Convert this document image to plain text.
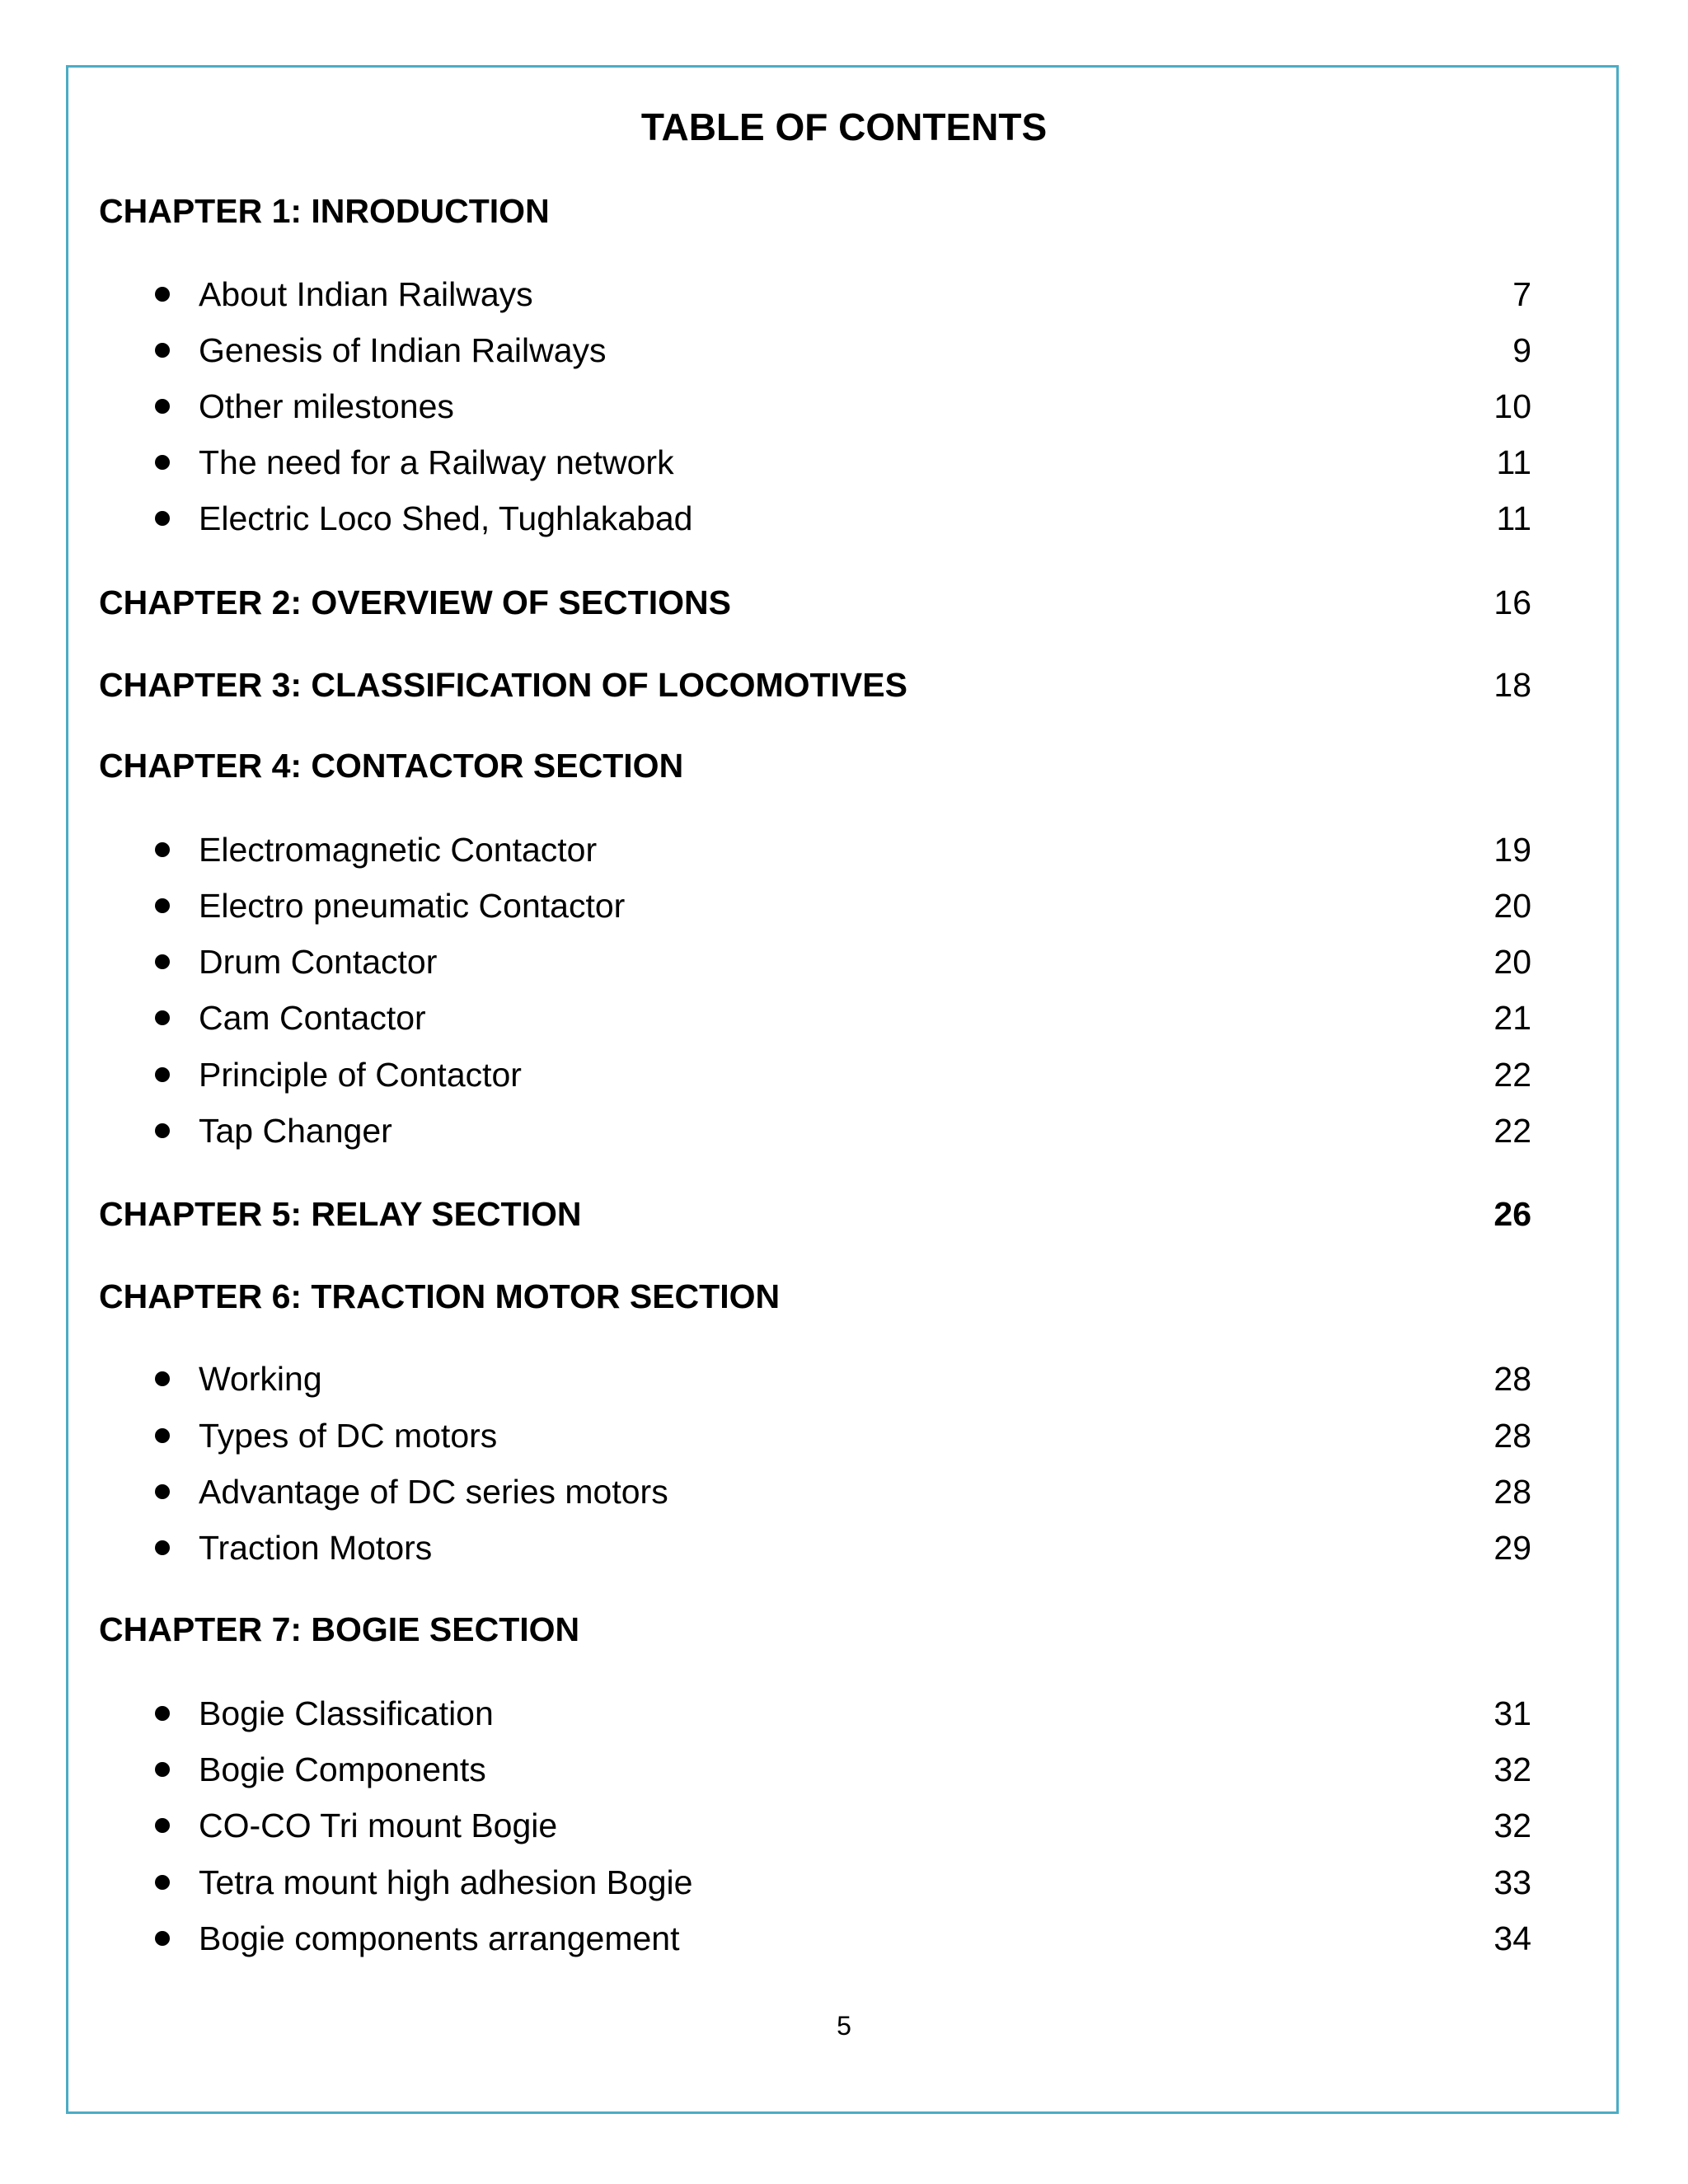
TABLE OF CONTENTS
CHAPTER 1: INRODUCTION
About Indian Railways	7
Genesis of Indian Railways	9
Other milestones	10
The need for a Railway network	11
Electric Loco Shed, Tughlakabad	11
CHAPTER 2: OVERVIEW OF SECTIONS	16
CHAPTER 3: CLASSIFICATION OF LOCOMOTIVES	18
CHAPTER 4: CONTACTOR SECTION
Electromagnetic Contactor	19
Electro pneumatic Contactor	20
Drum Contactor	20
Cam Contactor	21
Principle of Contactor	22
Tap Changer	22
CHAPTER 5: RELAY SECTION	26
CHAPTER 6: TRACTION MOTOR SECTION
Working	28
Types of DC motors	28
Advantage of DC series motors	28
Traction Motors	29
CHAPTER 7: BOGIE SECTION
Bogie Classification	31
Bogie Components	32
CO-CO Tri mount Bogie	32
Tetra mount high adhesion Bogie	33
Bogie components arrangement	34
5
